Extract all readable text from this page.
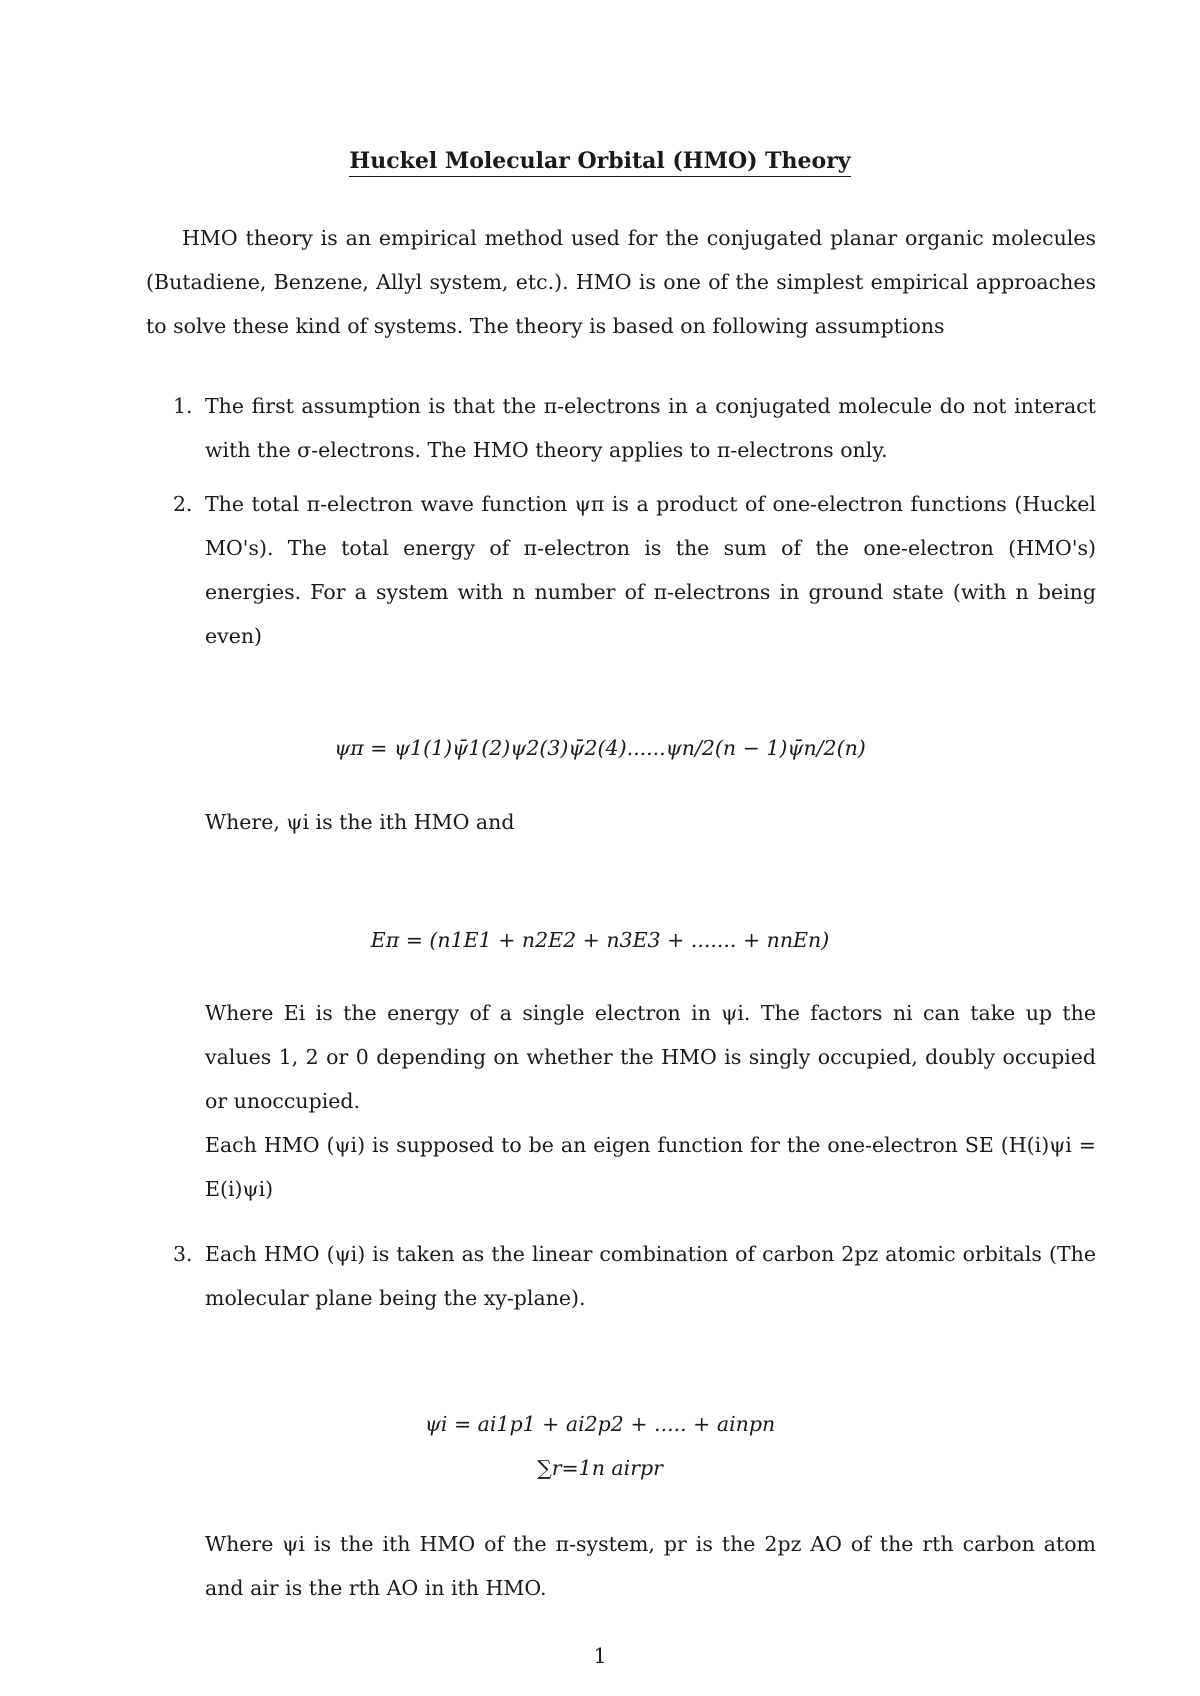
Huckel Molecular Orbital (HMO) Theory
HMO theory is an empirical method used for the conjugated planar organic molecules (Butadiene, Benzene, Allyl system, etc.). HMO is one of the simplest empirical approaches to solve these kind of systems. The theory is based on following assumptions
1. The first assumption is that the π-electrons in a conjugated molecule do not interact with the σ-electrons. The HMO theory applies to π-electrons only.
2. The total π-electron wave function ψπ is a product of one-electron functions (Huckel MO's). The total energy of π-electron is the sum of the one-electron (HMO's) energies. For a system with n number of π-electrons in ground state (with n being even)
ψπ = ψ1(1)ψ̄1(2)ψ2(3)ψ̄2(4)......ψn/2(n − 1)ψ̄n/2(n)
Where, ψi is the ith HMO and
Eπ = (n1E1 + n2E2 + n3E3 + ....... + nnEn)
Where Ei is the energy of a single electron in ψi. The factors ni can take up the values 1, 2 or 0 depending on whether the HMO is singly occupied, doubly occupied or unoccupied.
Each HMO (ψi) is supposed to be an eigen function for the one-electron SE (H(i)ψi = E(i)ψi)
3. Each HMO (ψi) is taken as the linear combination of carbon 2pz atomic orbitals (The molecular plane being the xy-plane).
ψi = ai1p1 + ai2p2 + ..... + ainpn
∑r=1n airpr
Where ψi is the ith HMO of the π-system, pr is the 2pz AO of the rth carbon atom and air is the rth AO in ith HMO.
1
